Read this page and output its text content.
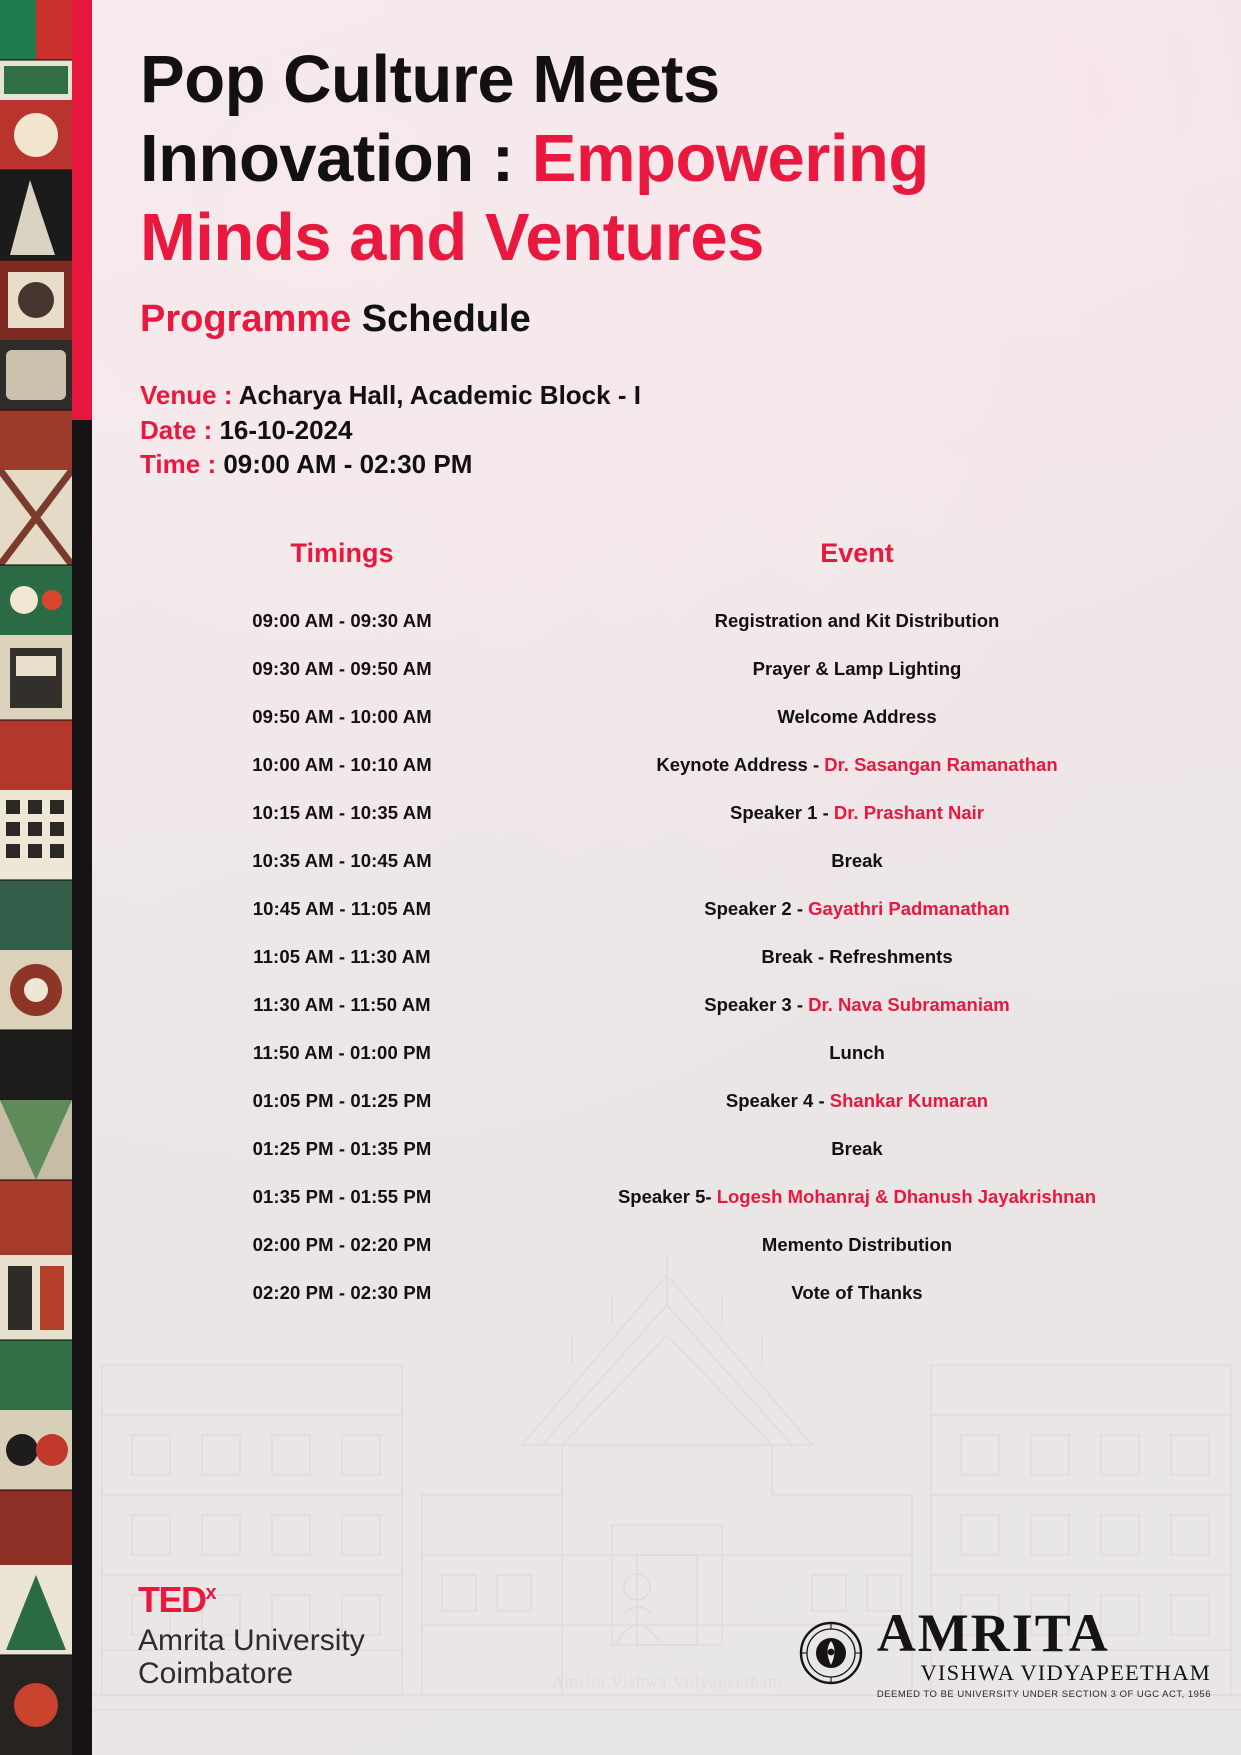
Amrita Vishwa Vidyapeetham
Pop Culture Meets
Innovation : Empowering
Minds and Ventures
Programme Schedule
Venue : Acharya Hall, Academic Block - I
Date : 16-10-2024
Time : 09:00 AM - 02:30 PM
Timings	Event
09:00 AM - 09:30 AM	Registration and Kit Distribution
09:30 AM - 09:50 AM	Prayer & Lamp Lighting
09:50 AM - 10:00 AM	Welcome Address
10:00 AM - 10:10 AM	Keynote Address - Dr. Sasangan Ramanathan
10:15 AM - 10:35 AM	Speaker 1 - Dr. Prashant Nair
10:35 AM - 10:45 AM	Break
10:45 AM - 11:05 AM	Speaker 2 - Gayathri Padmanathan
11:05 AM - 11:30 AM	Break - Refreshments
11:30 AM - 11:50 AM	Speaker 3 - Dr. Nava Subramaniam
11:50 AM - 01:00 PM	Lunch
01:05 PM - 01:25 PM	Speaker 4 - Shankar Kumaran
01:25 PM - 01:35 PM	Break
01:35 PM - 01:55 PM	Speaker 5- Logesh Mohanraj & Dhanush Jayakrishnan
02:00 PM - 02:20 PM	Memento Distribution
02:20 PM - 02:30 PM	Vote of Thanks
TED$^x$
Amrita University
Coimbatore
AMRITA
VISHWA VIDYAPEETHAM
DEEMED TO BE UNIVERSITY UNDER SECTION 3 OF UGC ACT, 1956
